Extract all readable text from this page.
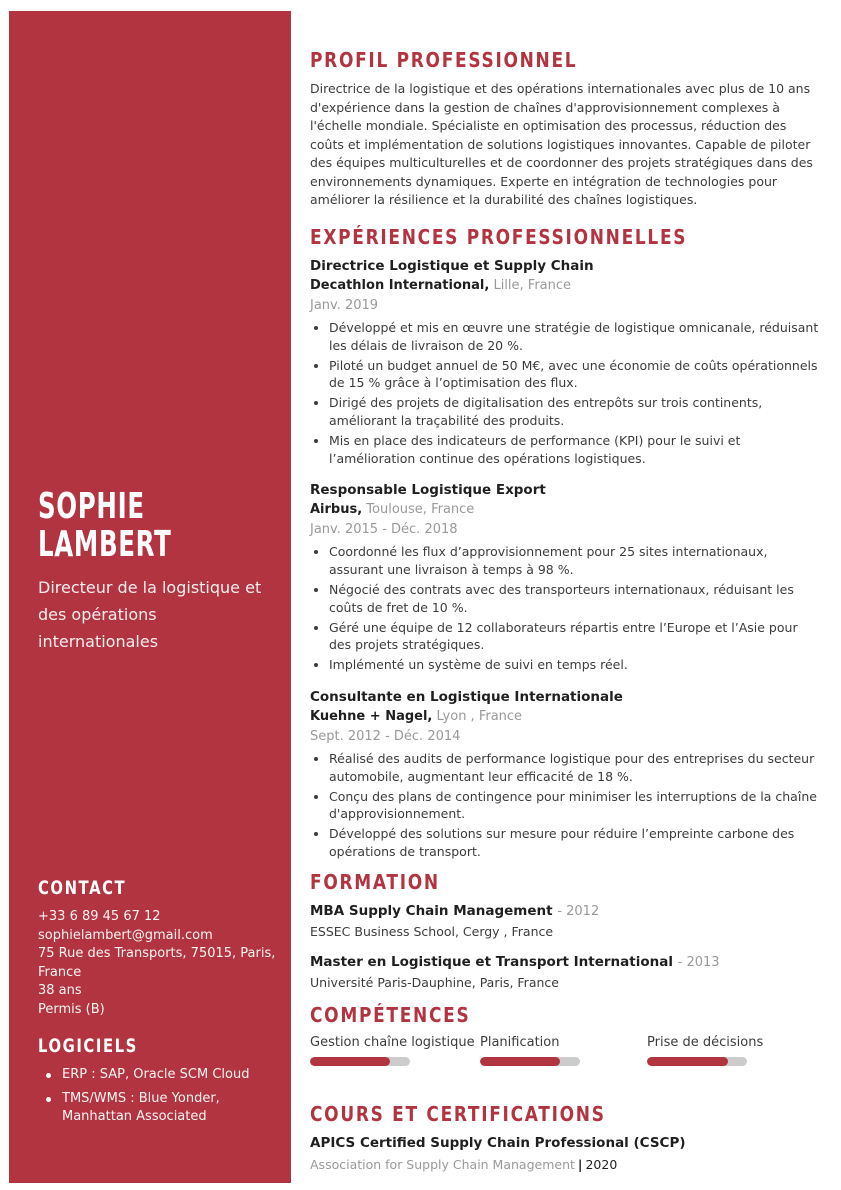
SOPHIE
LAMBERT

Directeur de la logistique et des opérations internationales

CONTACT
+33 6 89 45 67 12
sophielambert@gmail.com
75 Rue des Transports, 75015, Paris, France
38 ans
Permis (B)
LOGICIELS
ERP : SAP, Oracle SCM Cloud
TMS/WMS : Blue Yonder, Manhattan Associated
PROFIL PROFESSIONNEL

Directrice de la logistique et des opérations internationales avec plus de 10 ans d'expérience dans la gestion de chaînes d'approvisionnement complexes à l'échelle mondiale. Spécialiste en optimisation des processus, réduction des coûts et implémentation de solutions logistiques innovantes. Capable de piloter des équipes multiculturelles et de coordonner des projets stratégiques dans des environnements dynamiques. Experte en intégration de technologies pour améliorer la résilience et la durabilité des chaînes logistiques.

EXPÉRIENCES PROFESSIONNELLES
Directrice Logistique et Supply Chain

Decathlon International, Lille, France

Janv. 2019

• Développé et mis en œuvre une stratégie de logistique omnicanale, réduisant les délais de livraison de 20 %.
• Piloté un budget annuel de 50 M€, avec une économie de coûts opérationnels de 15 % grâce à l’optimisation des flux.
• Dirigé des projets de digitalisation des entrepôts sur trois continents, améliorant la traçabilité des produits.
• Mis en place des indicateurs de performance (KPI) pour le suivi et l’amélioration continue des opérations logistiques.
Responsable Logistique Export

Airbus, Toulouse, France

Janv. 2015 - Déc. 2018

• Coordonné les flux d’approvisionnement pour 25 sites internationaux, assurant une livraison à temps à 98 %.
• Négocié des contrats avec des transporteurs internationaux, réduisant les coûts de fret de 10 %.
• Géré une équipe de 12 collaborateurs répartis entre l’Europe et l’Asie pour des projets stratégiques.
• Implémenté un système de suivi en temps réel.
Consultante en Logistique Internationale

Kuehne + Nagel, Lyon , France

Sept. 2012 - Déc. 2014

• Réalisé des audits de performance logistique pour des entreprises du secteur automobile, augmentant leur efficacité de 18 %.
• Conçu des plans de contingence pour minimiser les interruptions de la chaîne d'approvisionnement.
• Développé des solutions sur mesure pour réduire l’empreinte carbone des opérations de transport.
FORMATION
MBA Supply Chain Management - 2012
ESSEC Business School, Cergy , France
Master en Logistique et Transport International - 2013
Université Paris-Dauphine, Paris, France
COMPÉTENCES
Gestion chaîne logistique Planification	Prise de décisions
COURS ET CERTIFICATIONS
APICS Certified Supply Chain Professional (CSCP)
Association for Supply Chain Management | 2020
